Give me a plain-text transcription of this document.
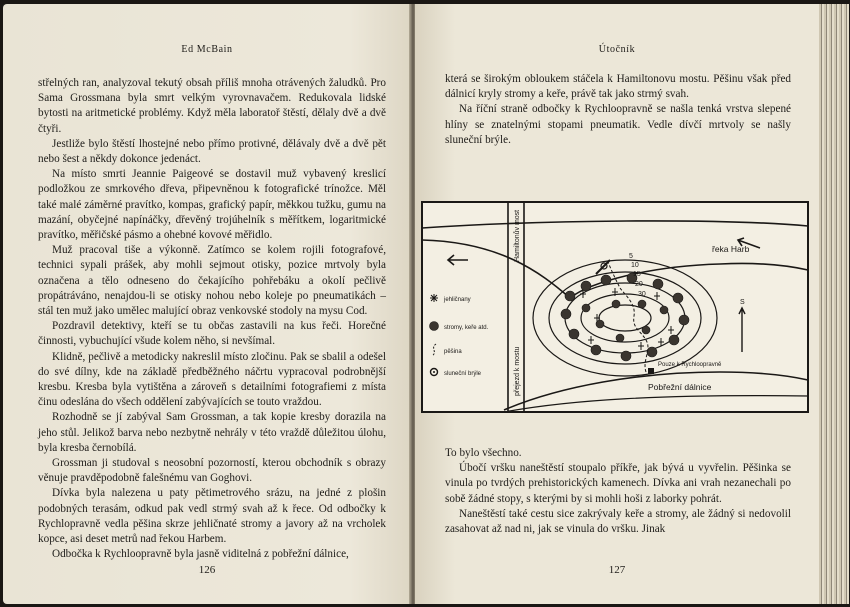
Ed McBain

střelných ran, analyzoval tekutý obsah příliš mnoha otrávených žaludků. Pro Sama Grossmana byla smrt velkým vyrovnavačem. Redukovala lidské bytosti na aritmetické problémy. Když měla laboratoř štěstí, dělaly dvě a dvě čtyři.

Jestliže bylo štěstí lhostejné nebo přímo protivné, dělávaly dvě a dvě pět nebo šest a někdy dokonce jedenáct.

Na místo smrti Jeannie Paigeové se dostavil muž vybavený kreslicí podložkou ze smrkového dřeva, připevněnou k fotografické trínožce. Měl také malé záměrné pravítko, kompas, grafický papír, měkkou tužku, gumu na mazání, obyčejné napínáčky, dřevěný trojúhelník s měřítkem, logaritmické pravítko, měřičské pásmo a ohebné kovové měřidlo.

Muž pracoval tiše a výkonně. Zatímco se kolem rojili fotografové, technici sypali prášek, aby mohli sejmout otisky, pozice mrtvoly byla označena a tělo odneseno do čekajícího pohřebáku a okolí pečlivě propátráváno, nenajdou-li se otisky nohou nebo koleje po pneumatikách – stál ten muž jako umělec malující obraz venkovské stodoly na mysu Cod.

Pozdravil detektivy, kteří se tu občas zastavili na kus řeči. Horečné činnosti, vybuchující všude kolem něho, si nevšímal.

Klidně, pečlivě a metodicky nakreslil místo zločinu. Pak se sbalil a odešel do své dílny, kde na základě předběžného náčrtu vypracoval podrobnější kresbu. Kresba byla vytištěna a zároveň s detailními fotografiemi z místa činu odeslána do všech oddělení zabývajících se touto vraždou.

Rozhodně se jí zabýval Sam Grossman, a tak kopie kresby dorazila na jeho stůl. Jelikož barva nebo nezbytně nehrály v této vraždě důležitou úlohu, byla kresba černobílá.

Grossman ji studoval s neosobní pozorností, kterou obchodník s obrazy věnuje pravděpodobně falešnému van Goghovi.

Dívka byla nalezena u paty pětimetrového srázu, na jedné z plošin podobných terasám, odkud pak vedl strmý svah až k řece. Od odbočky k Rychlopravně vedla pěšina skrze jehličnaté stromy a javory až na vrcholek kopce, asi deset metrů nad řekou Harbem.

Odbočka k Rychloopravně byla jasně viditelná z pobřežní dálnice,

126
Útočník

která se širokým obloukem stáčela k Hamiltonovu mostu. Pěšinu však před dálnicí kryly stromy a keře, právě tak jako strmý svah.

Na říční straně odbočky k Rychloopravně se našla tenká vrstva slepené hlíny se znatelnými stopami pneumatik. Vedle dívčí mrtvoly se našly sluneční brýle.

5
10
15
20
30
Hamiltonův most
přejezd k mostu
řeka Harb
Pobřežní dálnice
Pouze k Rychloopravně
S
jehličnany
stromy, keře atd.
pěšina
sluneční brýle

To bylo všechno.

Úbočí vršku naneštěstí stoupalo příkře, jak bývá u vyvřelin. Pěšinka se vinula po tvrdých prehistorických kamenech. Dívka ani vrah nezanechali po sobě žádné stopy, s kterými by si mohli hoši z laborky pohrát.

Naneštěstí také cestu sice zakrývaly keře a stromy, ale žádný si nedovolil zasahovat až nad ni, jak se vinula do vršku. Jinak

127
